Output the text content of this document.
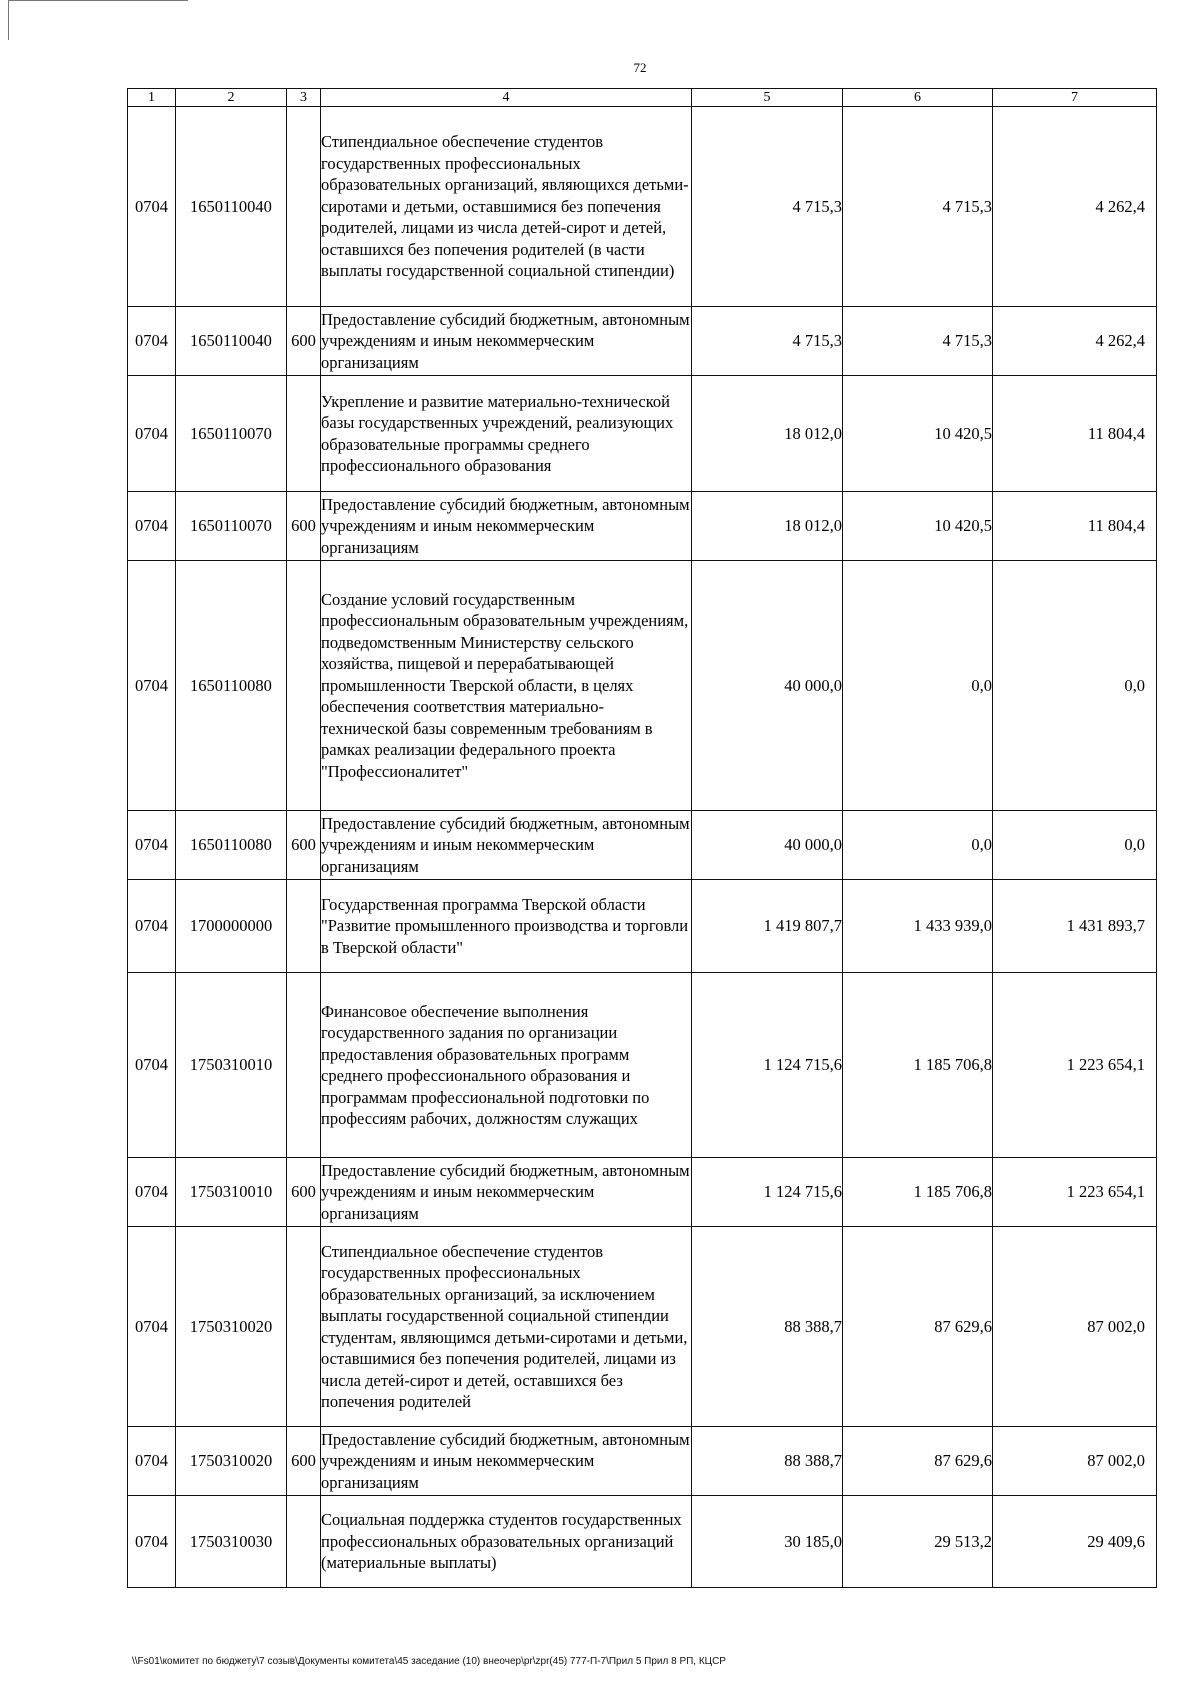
72
1	2	3	4	5	6	7
0704	1650110040		Стипендиальное обеспечение студентов государственных профессиональных образовательных организаций, являющихся детьми-сиротами и детьми, оставшимися без попечения родителей, лицами из числа детей-сирот и детей, оставшихся без попечения родителей (в части выплаты государственной социальной стипендии)	4 715,3	4 715,3	4 262,4
0704	1650110040	600	Предоставление субсидий бюджетным, автономным учреждениям и иным некоммерческим организациям	4 715,3	4 715,3	4 262,4
0704	1650110070		Укрепление и развитие материально-технической базы государственных учреждений, реализующих образовательные программы среднего профессионального образования	18 012,0	10 420,5	11 804,4
0704	1650110070	600	Предоставление субсидий бюджетным, автономным учреждениям и иным некоммерческим организациям	18 012,0	10 420,5	11 804,4
0704	1650110080		Создание условий государственным профессиональным образовательным учреждениям, подведомственным Министерству сельского хозяйства, пищевой и перерабатывающей промышленности Тверской области, в целях обеспечения соответствия материально-технической базы современным требованиям в рамках реализации федерального проекта "Профессионалитет"	40 000,0	0,0	0,0
0704	1650110080	600	Предоставление субсидий бюджетным, автономным учреждениям и иным некоммерческим организациям	40 000,0	0,0	0,0
0704	1700000000		Государственная программа Тверской области "Развитие промышленного производства и торговли в Тверской области"	1 419 807,7	1 433 939,0	1 431 893,7
0704	1750310010		Финансовое обеспечение выполнения государственного задания по организации предоставления образовательных программ среднего профессионального образования и программам профессиональной подготовки по профессиям рабочих, должностям служащих	1 124 715,6	1 185 706,8	1 223 654,1
0704	1750310010	600	Предоставление субсидий бюджетным, автономным учреждениям и иным некоммерческим организациям	1 124 715,6	1 185 706,8	1 223 654,1
0704	1750310020		Стипендиальное обеспечение студентов государственных профессиональных образовательных организаций, за исключением выплаты государственной социальной стипендии студентам, являющимся детьми-сиротами и детьми, оставшимися без попечения родителей, лицами из числа детей-сирот и детей, оставшихся без попечения родителей	88 388,7	87 629,6	87 002,0
0704	1750310020	600	Предоставление субсидий бюджетным, автономным учреждениям и иным некоммерческим организациям	88 388,7	87 629,6	87 002,0
0704	1750310030		Социальная поддержка студентов государственных профессиональных образовательных организаций (материальные выплаты)	30 185,0	29 513,2	29 409,6
\\Fs01\комитет по бюджету\7 созыв\Документы комитета\45 заседание (10) внеочер\pr\zpr(45) 777-П-7\Прил 5 Прил 8 РП, КЦСР
